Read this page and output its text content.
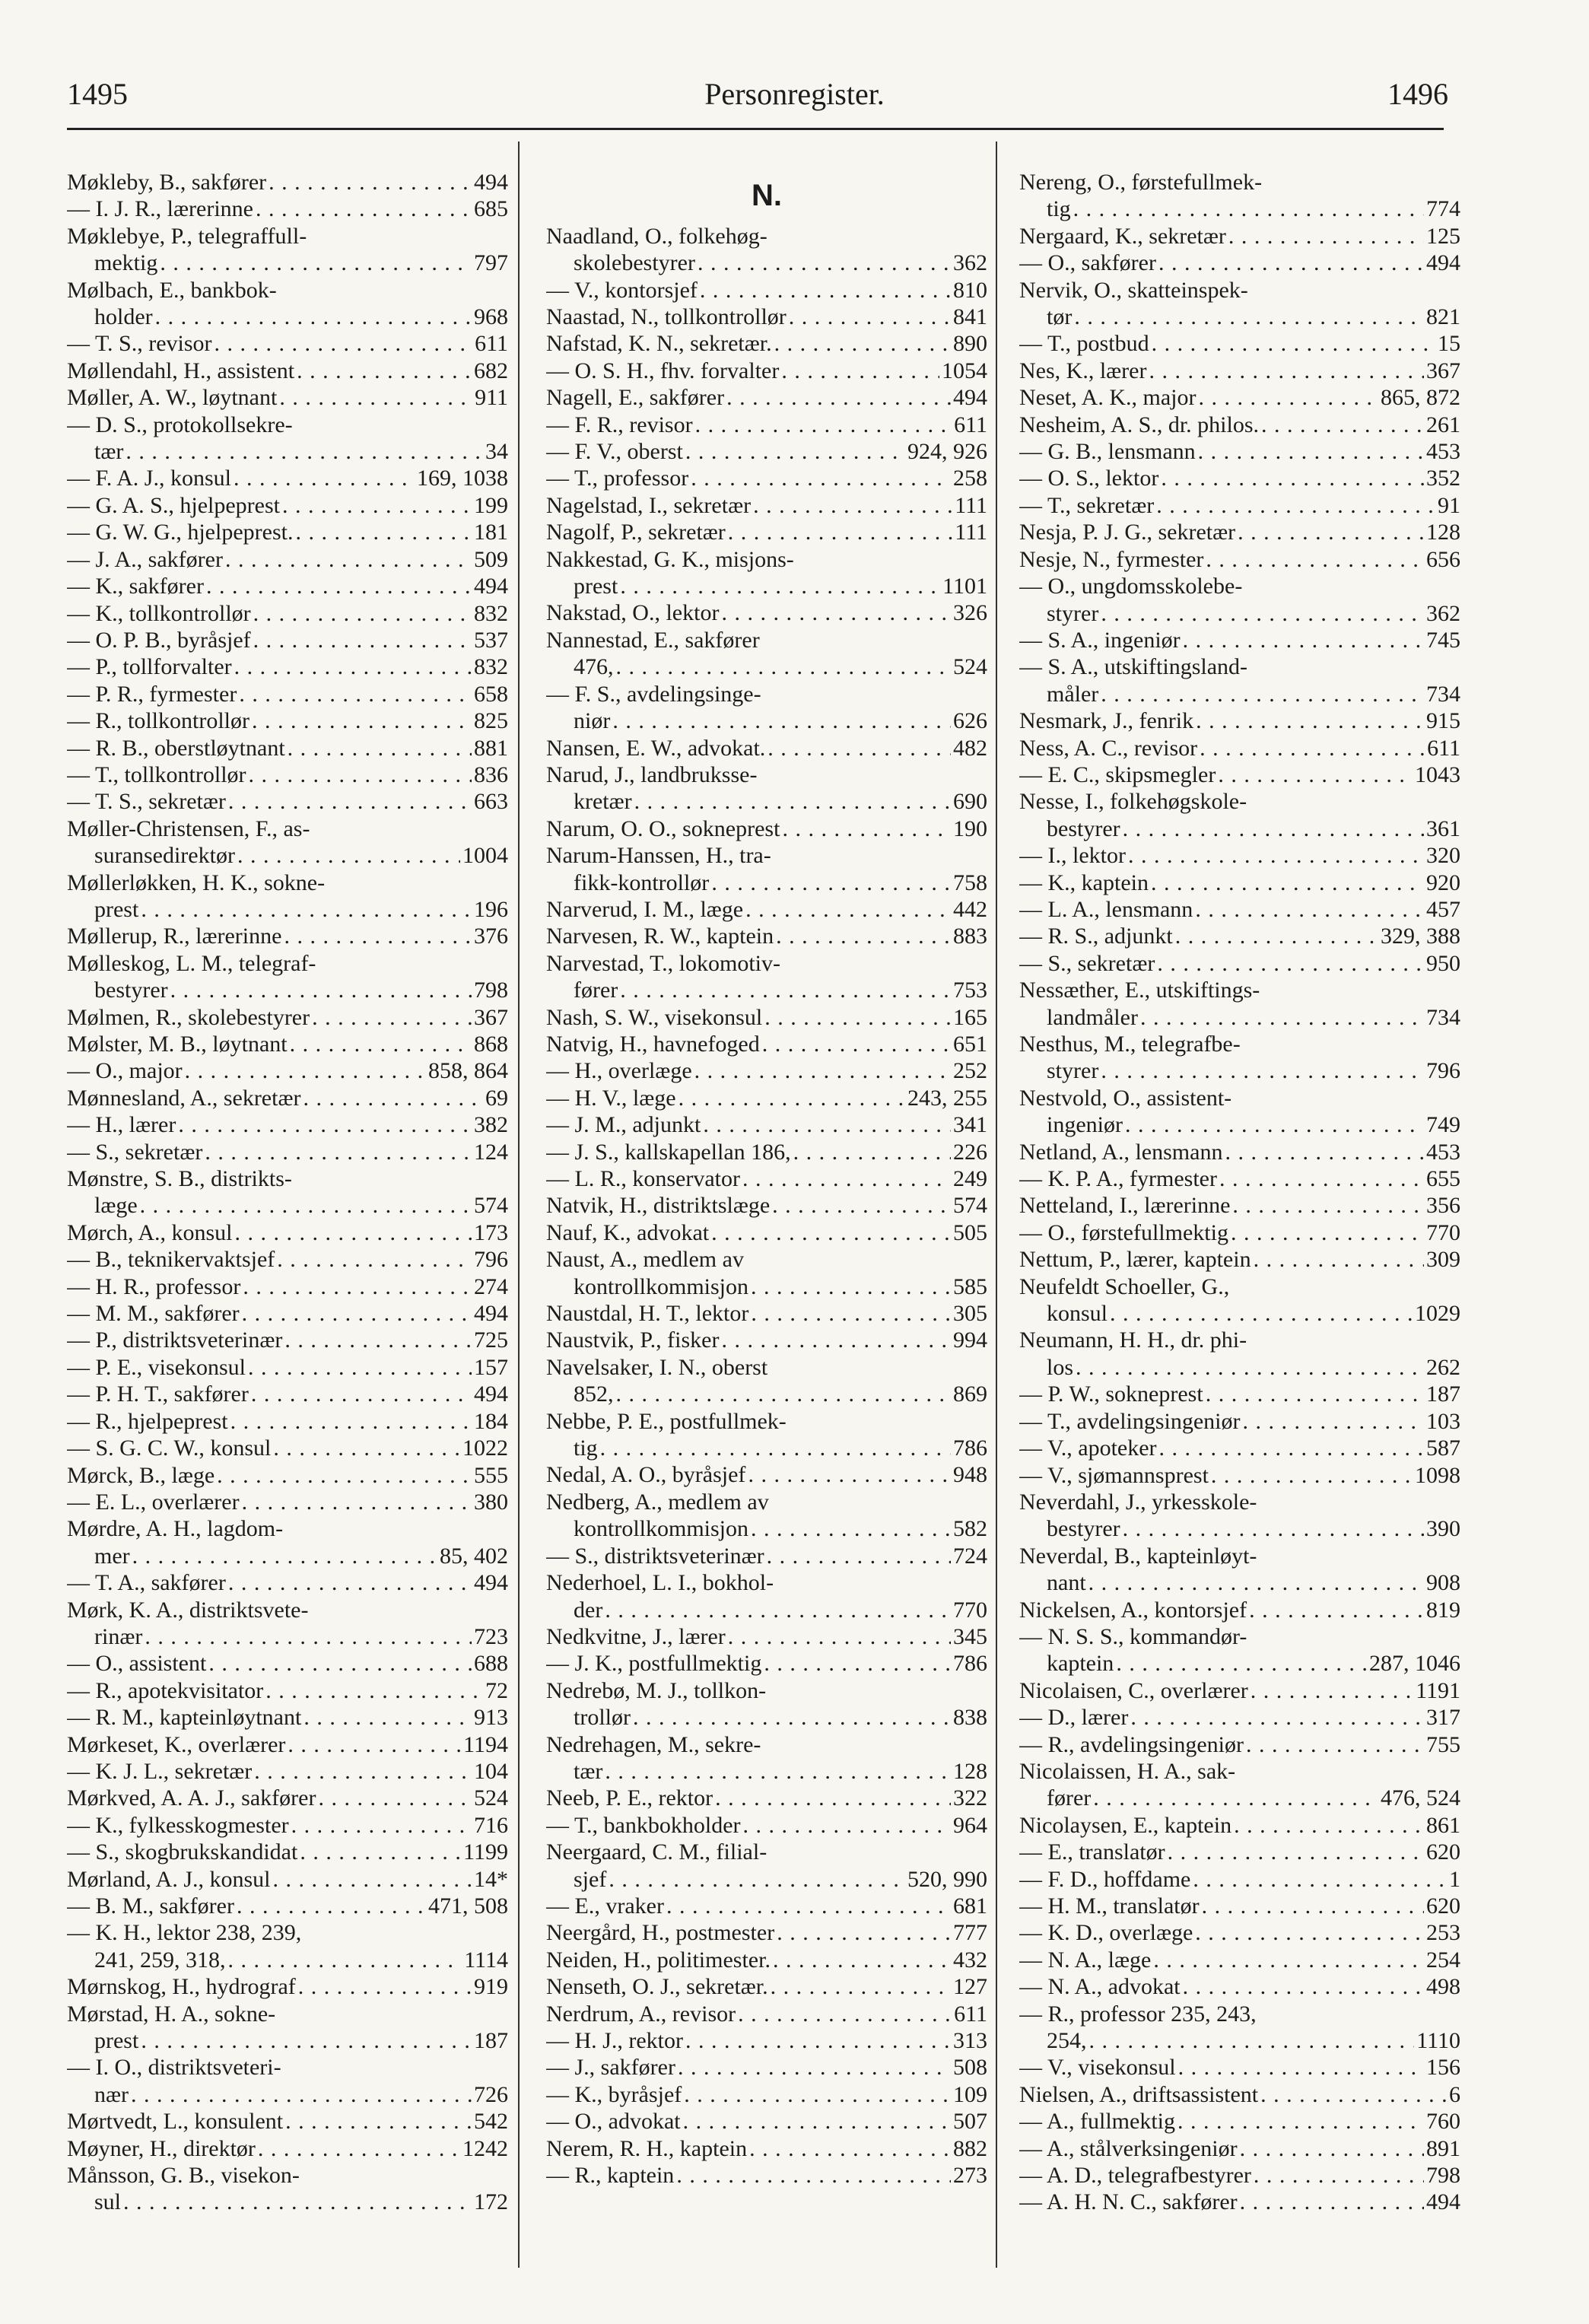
1495	Personregister.	1496
Møkleby, B., sakfører . . .	494
— I. J. R., lærerinne . . .	685
Møklebye, P., telegraffull-
mektig . . .	797
Mølbach, E., bankbok-
holder . . .	968
— T. S., revisor . . .	611
Møllendahl, H., assistent . . .	682
Møller, A. W., løytnant . . .	911
— D. S., protokollsekre-
tær . . .	34
— F. A. J., konsul . . .	169, 1038
— G. A. S., hjelpeprest . . .	199
— G. W. G., hjelpeprest. . . .	181
— J. A., sakfører . . .	509
— K., sakfører . . .	494
— K., tollkontrollør . . .	832
— O. P. B., byråsjef . . .	537
— P., tollforvalter . . .	832
— P. R., fyrmester . . .	658
— R., tollkontrollør . . .	825
— R. B., oberstløytnant . . .	881
— T., tollkontrollør . . .	836
— T. S., sekretær . . .	663
Møller-Christensen, F., as-
suransedirektør . . .	1004
Møllerløkken, H. K., sokne-
prest . . .	196
Møllerup, R., lærerinne . . .	376
Mølleskog, L. M., telegraf-
bestyrer . . .	798
Mølmen, R., skolebestyrer . . .	367
Mølster, M. B., løytnant . . .	868
— O., major . . .	858, 864
Mønnesland, A., sekretær . . .	69
— H., lærer . . .	382
— S., sekretær . . .	124
Mønstre, S. B., distrikts-
læge . . .	574
Mørch, A., konsul . . .	173
— B., teknikervaktsjef . . .	796
— H. R., professor . . .	274
— M. M., sakfører . . .	494
— P., distriktsveterinær . . .	725
— P. E., visekonsul . . .	157
— P. H. T., sakfører . . .	494
— R., hjelpeprest . . .	184
— S. G. C. W., konsul . . .	1022
Mørck, B., læge . . .	555
— E. L., overlærer . . .	380
Mørdre, A. H., lagdom-
mer . . .	85, 402
— T. A., sakfører . . .	494
Mørk, K. A., distriktsvete-
rinær . . .	723
— O., assistent . . .	688
— R., apotekvisitator . . .	72
— R. M., kapteinløytnant . . .	913
Mørkeset, K., overlærer . . .	1194
— K. J. L., sekretær . . .	104
Mørkved, A. A. J., sakfører . . .	524
— K., fylkesskogmester . . .	716
— S., skogbrukskandidat . . .	1199
Mørland, A. J., konsul . . .	14*
— B. M., sakfører . . .	471, 508
— K. H., lektor 238, 239,
241, 259, 318, . . .	1114
Mørnskog, H., hydrograf . . .	919
Mørstad, H. A., sokne-
prest . . .	187
— I. O., distriktsveteri-
nær . . .	726
Mørtvedt, L., konsulent . . .	542
Møyner, H., direktør . . .	1242
Månsson, G. B., visekon-
sul . . .	172
N.
Naadland, O., folkehøg-
skolebestyrer . . .	362
— V., kontorsjef . . .	810
Naastad, N., tollkontrollør . . .	841
Nafstad, K. N., sekretær. . . .	890
— O. S. H., fhv. forvalter . . .	1054
Nagell, E., sakfører . . .	494
— F. R., revisor . . .	611
— F. V., oberst . . .	924, 926
— T., professor . . .	258
Nagelstad, I., sekretær . . .	111
Nagolf, P., sekretær . . .	111
Nakkestad, G. K., misjons-
prest . . .	1101
Nakstad, O., lektor . . .	326
Nannestad, E., sakfører
476, . . .	524
— F. S., avdelingsinge-
niør . . .	626
Nansen, E. W., advokat. . . .	482
Narud, J., landbruksse-
kretær . . .	690
Narum, O. O., sokneprest . . .	190
Narum-Hanssen, H., tra-
fikk-kontrollør . . .	758
Narverud, I. M., læge . . .	442
Narvesen, R. W., kaptein . . .	883
Narvestad, T., lokomotiv-
fører . . .	753
Nash, S. W., visekonsul . . .	165
Natvig, H., havnefoged . . .	651
— H., overlæge . . .	252
— H. V., læge . . .	243, 255
— J. M., adjunkt . . .	341
— J. S., kallskapellan 186, . . .	226
— L. R., konservator . . .	249
Natvik, H., distriktslæge . . .	574
Nauf, K., advokat . . .	505
Naust, A., medlem av
kontrollkommisjon . . .	585
Naustdal, H. T., lektor . . .	305
Naustvik, P., fisker . . .	994
Navelsaker, I. N., oberst
852, . . .	869
Nebbe, P. E., postfullmek-
tig . . .	786
Nedal, A. O., byråsjef . . .	948
Nedberg, A., medlem av
kontrollkommisjon . . .	582
— S., distriktsveterinær . . .	724
Nederhoel, L. I., bokhol-
der . . .	770
Nedkvitne, J., lærer . . .	345
— J. K., postfullmektig . . .	786
Nedrebø, M. J., tollkon-
trollør . . .	838
Nedrehagen, M., sekre-
tær . . .	128
Neeb, P. E., rektor . . .	322
— T., bankbokholder . . .	964
Neergaard, C. M., filial-
sjef . . .	520, 990
— E., vraker . . .	681
Neergård, H., postmester . . .	777
Neiden, H., politimester. . . .	432
Nenseth, O. J., sekretær. . . .	127
Nerdrum, A., revisor . . .	611
— H. J., rektor . . .	313
— J., sakfører . . .	508
— K., byråsjef . . .	109
— O., advokat . . .	507
Nerem, R. H., kaptein . . .	882
— R., kaptein . . .	273
Nereng, O., førstefullmek-
tig . . .	774
Nergaard, K., sekretær . . .	125
— O., sakfører . . .	494
Nervik, O., skatteinspek-
tør . . .	821
— T., postbud . . .	15
Nes, K., lærer . . .	367
Neset, A. K., major . . .	865, 872
Nesheim, A. S., dr. philos. . . .	261
— G. B., lensmann . . .	453
— O. S., lektor . . .	352
— T., sekretær . . .	91
Nesja, P. J. G., sekretær . . .	128
Nesje, N., fyrmester . . .	656
— O., ungdomsskolebe-
styrer . . .	362
— S. A., ingeniør . . .	745
— S. A., utskiftingsland-
måler . . .	734
Nesmark, J., fenrik . . .	915
Ness, A. C., revisor . . .	611
— E. C., skipsmegler . . .	1043
Nesse, I., folkehøgskole-
bestyrer . . .	361
— I., lektor . . .	320
— K., kaptein . . .	920
— L. A., lensmann . . .	457
— R. S., adjunkt . . .	329, 388
— S., sekretær . . .	950
Nessæther, E., utskiftings-
landmåler . . .	734
Nesthus, M., telegrafbe-
styrer . . .	796
Nestvold, O., assistent-
ingeniør . . .	749
Netland, A., lensmann . . .	453
— K. P. A., fyrmester . . .	655
Netteland, I., lærerinne . . .	356
— O., førstefullmektig . . .	770
Nettum, P., lærer, kaptein . . .	309
Neufeldt Schoeller, G.,
konsul . . .	1029
Neumann, H. H., dr. phi-
los . . .	262
— P. W., sokneprest . . .	187
— T., avdelingsingeniør . . .	103
— V., apoteker . . .	587
— V., sjømannsprest . . .	1098
Neverdahl, J., yrkesskole-
bestyrer . . .	390
Neverdal, B., kapteinløyt-
nant . . .	908
Nickelsen, A., kontorsjef . . .	819
— N. S. S., kommandør-
kaptein . . .	287, 1046
Nicolaisen, C., overlærer . . .	1191
— D., lærer . . .	317
— R., avdelingsingeniør . . .	755
Nicolaissen, H. A., sak-
fører . . .	476, 524
Nicolaysen, E., kaptein . . .	861
— E., translatør . . .	620
— F. D., hoffdame . . .	1
— H. M., translatør . . .	620
— K. D., overlæge . . .	253
— N. A., læge . . .	254
— N. A., advokat . . .	498
— R., professor 235, 243,
254, . . .	1110
— V., visekonsul . . .	156
Nielsen, A., driftsassistent . . .	6
— A., fullmektig . . .	760
— A., stålverksingeniør . . .	891
— A. D., telegrafbestyrer . . .	798
— A. H. N. C., sakfører . . .	494
